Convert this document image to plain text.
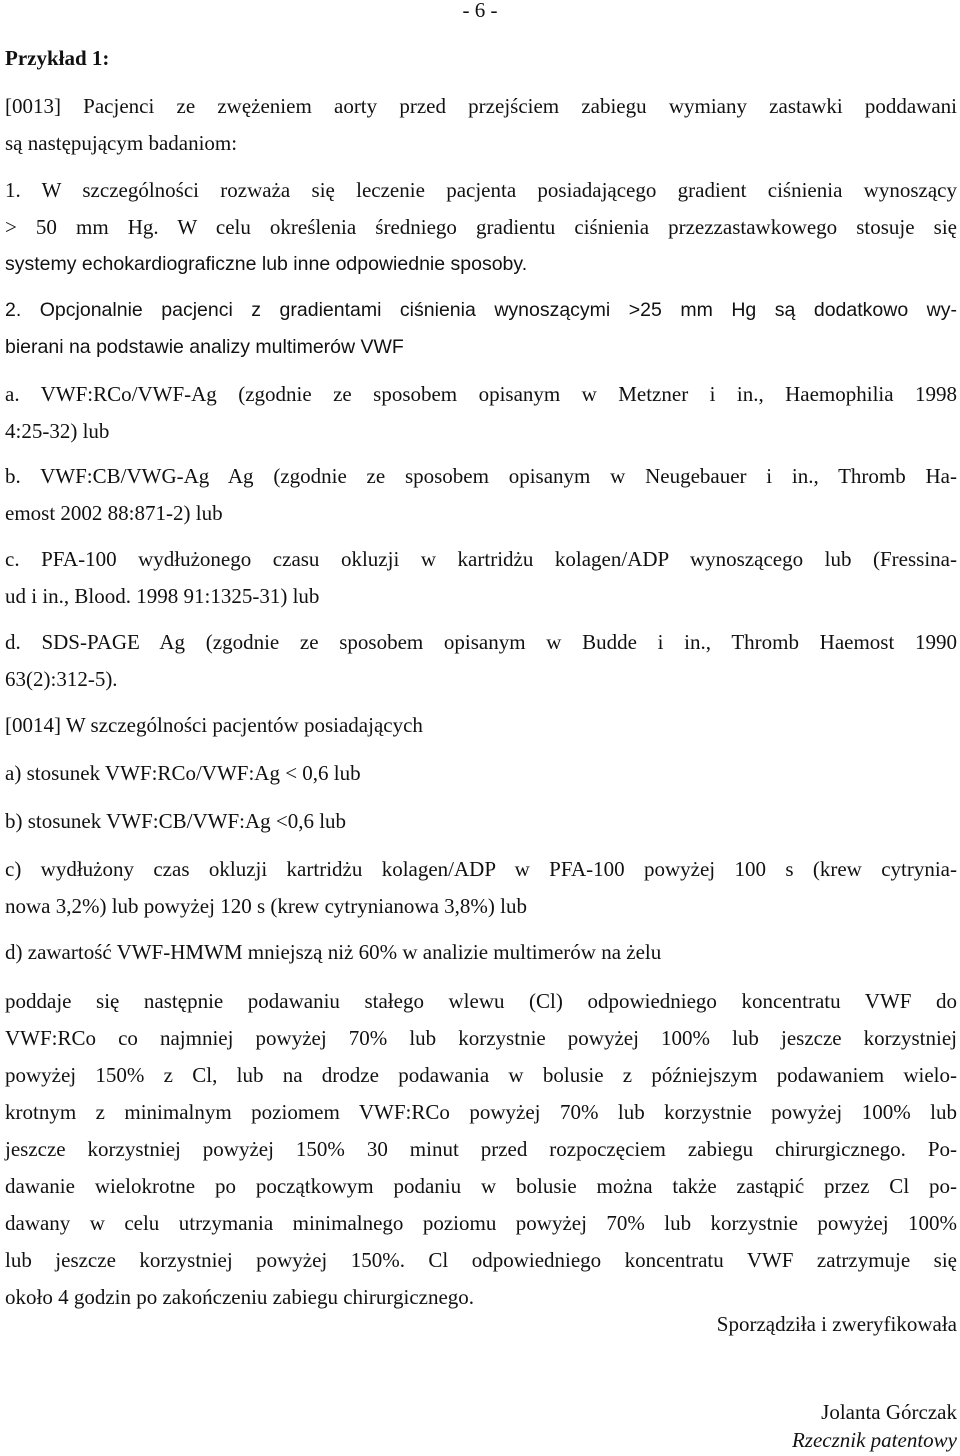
- 6 -
Przykład 1:
[0013] Pacjenci ze zwężeniem aorty przed przejściem zabiegu wymiany zastawki poddawani
są następującym badaniom:
1. W szczególności rozważa się leczenie pacjenta posiadającego gradient ciśnienia wynoszący
> 50 mm Hg. W celu określenia średniego gradientu ciśnienia przezzastawkowego stosuje się
systemy echokardiograficzne lub inne odpowiednie sposoby.
2. Opcjonalnie pacjenci z gradientami ciśnienia wynoszącymi >25 mm Hg są dodatkowo wy-
bierani na podstawie analizy multimerów VWF
a. VWF:RCo/VWF-Ag (zgodnie ze sposobem opisanym w Metzner i in., Haemophilia 1998
4:25-32) lub
b. VWF:CB/VWG-Ag Ag (zgodnie ze sposobem opisanym w Neugebauer i in., Thromb Ha-
emost 2002 88:871-2) lub
c. PFA-100 wydłużonego czasu okluzji w kartridżu kolagen/ADP wynoszącego lub (Fressina-
ud i in., Blood. 1998 91:1325-31) lub
d. SDS-PAGE Ag (zgodnie ze sposobem opisanym w Budde i in., Thromb Haemost 1990
63(2):312-5).
[0014] W szczególności pacjentów posiadających
a) stosunek VWF:RCo/VWF:Ag < 0,6 lub
b) stosunek VWF:CB/VWF:Ag <0,6 lub
c) wydłużony czas okluzji kartridżu kolagen/ADP w PFA-100 powyżej 100 s (krew cytrynia-
nowa 3,2%) lub powyżej 120 s (krew cytrynianowa 3,8%) lub
d) zawartość VWF-HMWM mniejszą niż 60% w analizie multimerów na żelu
poddaje się następnie podawaniu stałego wlewu (Cl) odpowiedniego koncentratu VWF do
VWF:RCo co najmniej powyżej 70% lub korzystnie powyżej 100% lub jeszcze korzystniej
powyżej 150% z Cl, lub na drodze podawania w bolusie z późniejszym podawaniem wielo-
krotnym z minimalnym poziomem VWF:RCo powyżej 70% lub korzystnie powyżej 100% lub
jeszcze korzystniej powyżej 150% 30 minut przed rozpoczęciem zabiegu chirurgicznego. Po-
dawanie wielokrotne po początkowym podaniu w bolusie można także zastąpić przez Cl po-
dawany w celu utrzymania minimalnego poziomu powyżej 70% lub korzystnie powyżej 100%
lub jeszcze korzystniej powyżej 150%. Cl odpowiedniego koncentratu VWF zatrzymuje się
około 4 godzin po zakończeniu zabiegu chirurgicznego.
Sporządziła i zweryfikowała
Jolanta Górczak
Rzecznik patentowy
